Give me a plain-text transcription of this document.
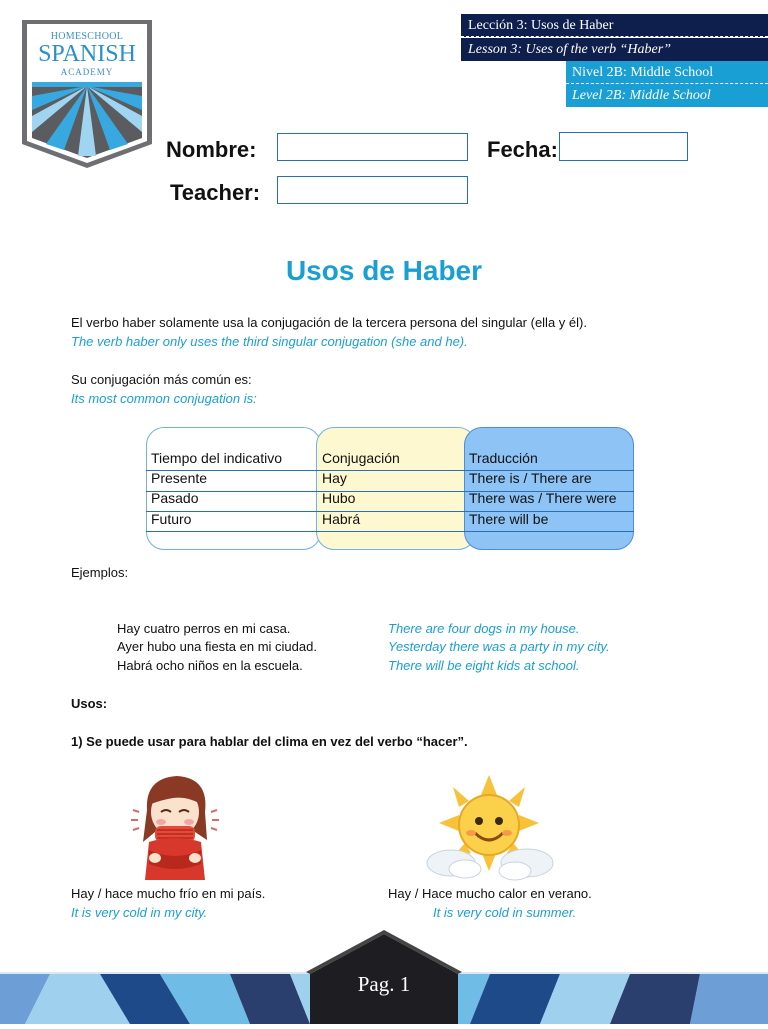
HOMESCHOOL
SPANISH
ACADEMY
Lección 3: Usos de Haber
Lesson 3: Uses of the verb “Haber”
Nivel 2B: Middle School
Level 2B: Middle School
Nombre:	Fecha:
Teacher:
Usos de Haber
El verbo haber solamente usa la conjugación de la tercera persona del singular (ella y él).
The verb haber only uses the third singular conjugation (she and he).
Su conjugación más común es:
Its most common conjugation is:
Tiempo del indicativo	Conjugación	Traducción
Presente	Hay	There is / There are
Pasado	Hubo	There was / There were
Futuro	Habrá	There will be
Ejemplos:
Hay cuatro perros en mi casa.	There are four dogs in my house.
Ayer hubo una fiesta en mi ciudad.	Yesterday there was a party in my city.
Habrá ocho niños en la escuela.	There will be eight kids at school.
Usos:
1) Se puede usar para hablar del clima en vez del verbo “hacer”.
Hay / hace mucho frío en mi país.
It is very cold in my city.
Hay / Hace mucho calor en verano.
It is very cold in summer.
Pag. 1
